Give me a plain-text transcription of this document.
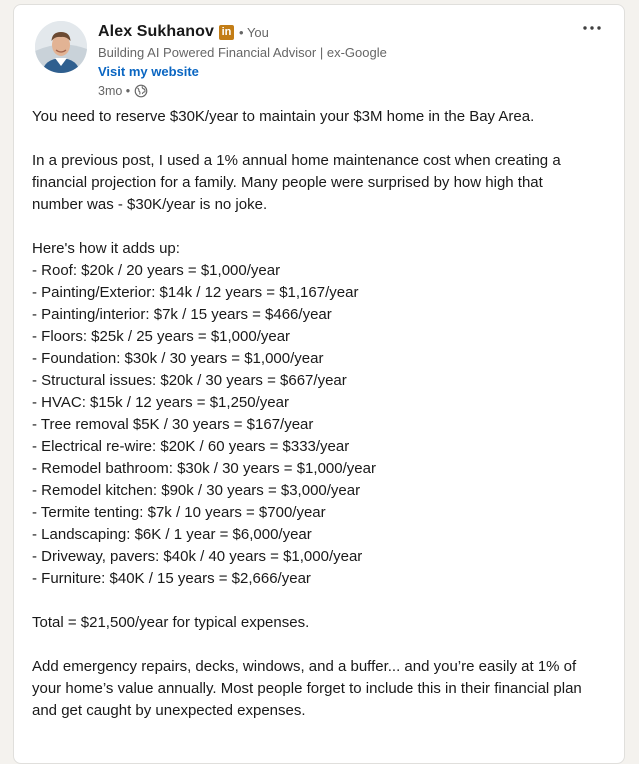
Alex Sukhanov in • You
Building AI Powered Financial Advisor | ex-Google
Visit my website
3mo •

You need to reserve $30K/year to maintain your $3M home in the Bay Area.

In a previous post, I used a 1% annual home maintenance cost when creating a

financial projection for a family. Many people were surprised by how high that

number was - $30K/year is no joke.

Here's how it adds up:

- Roof: $20k / 20 years = $1,000/year

- Painting/Exterior: $14k / 12 years = $1,167/year

- Painting/interior: $7k / 15 years = $466/year

- Floors: $25k / 25 years = $1,000/year

- Foundation: $30k / 30 years = $1,000/year

- Structural issues: $20k / 30 years = $667/year

- HVAC: $15k / 12 years = $1,250/year

- Tree removal $5K / 30 years = $167/year

- Electrical re-wire: $20K / 60 years = $333/year

- Remodel bathroom: $30k / 30 years = $1,000/year

- Remodel kitchen: $90k / 30 years = $3,000/year

- Termite tenting: $7k / 10 years = $700/year

- Landscaping: $6K / 1 year = $6,000/year

- Driveway, pavers: $40k / 40 years = $1,000/year

- Furniture: $40K / 15 years = $2,666/year

Total = $21,500/year for typical expenses.

Add emergency repairs, decks, windows, and a buffer... and you’re easily at 1% of

your home’s value annually. Most people forget to include this in their financial plan

and get caught by unexpected expenses.
